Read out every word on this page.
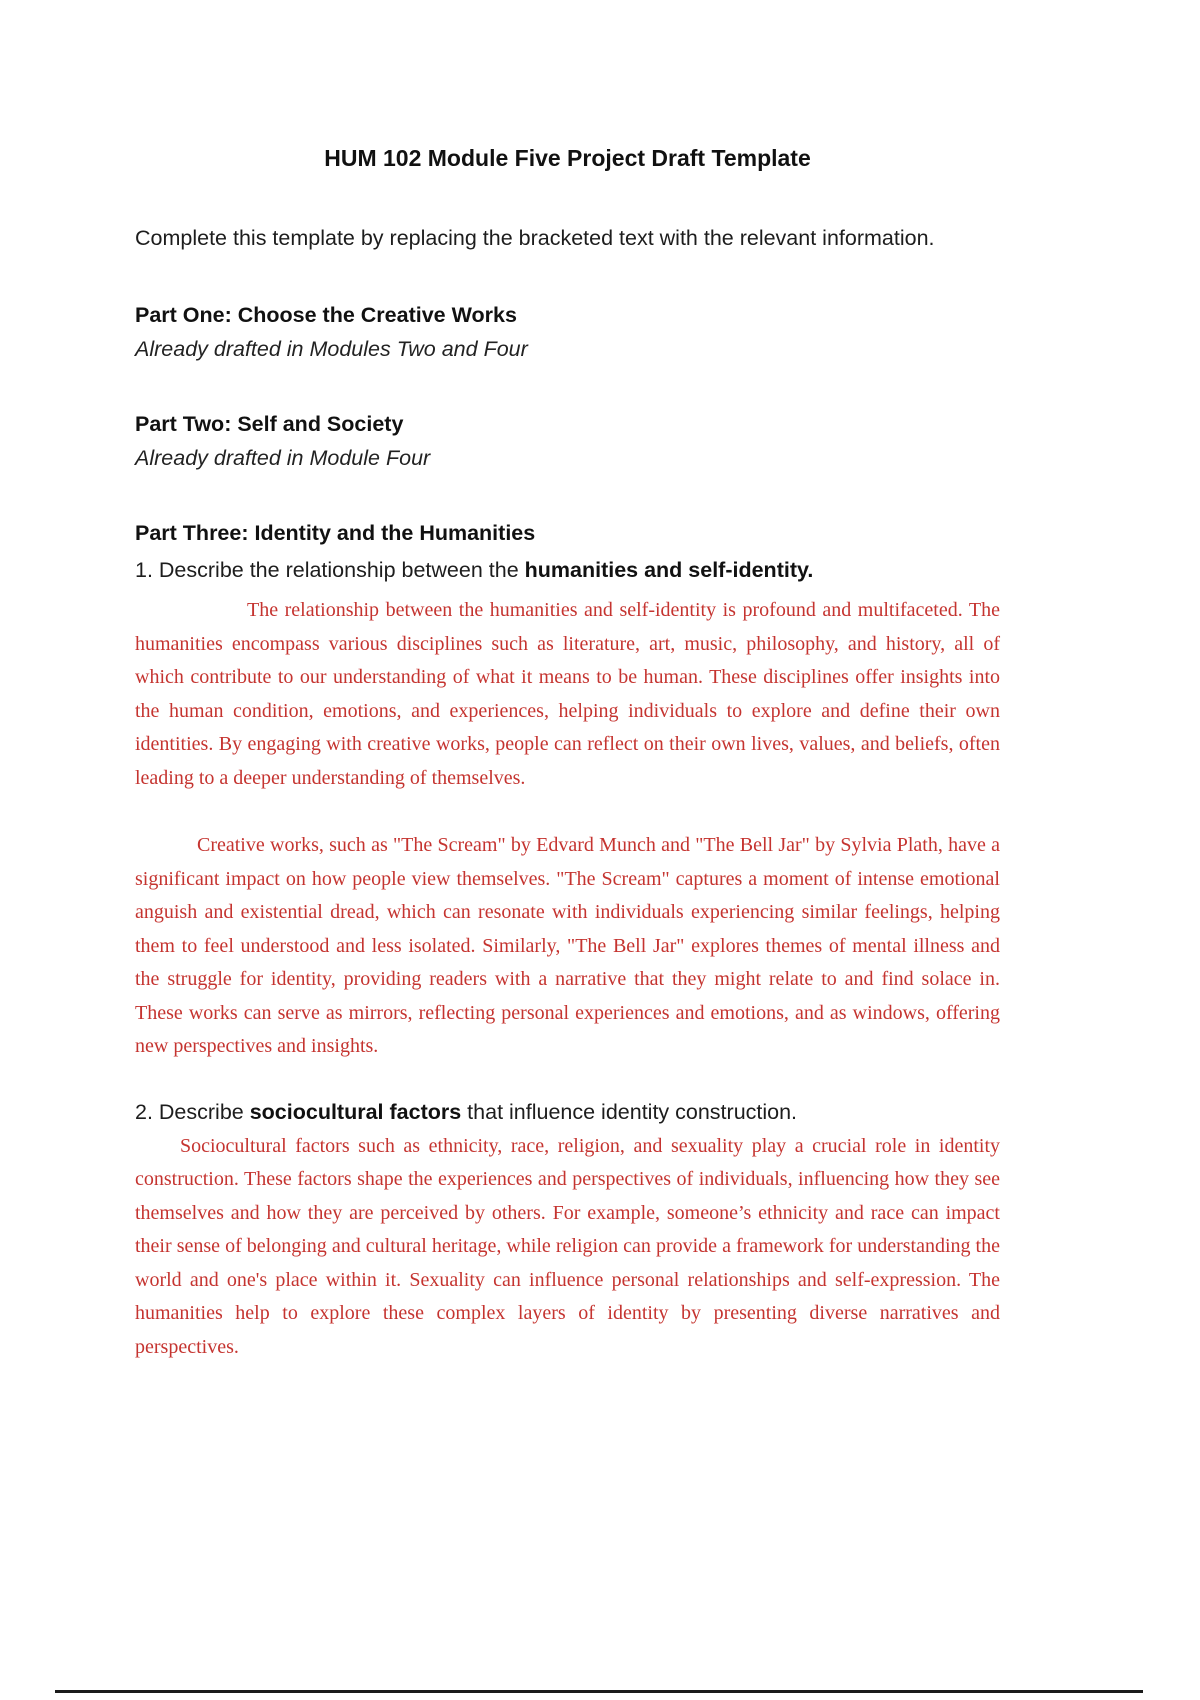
HUM 102 Module Five Project Draft Template

Complete this template by replacing the bracketed text with the relevant information.

Part One: Choose the Creative Works

Already drafted in Modules Two and Four

Part Two: Self and Society

Already drafted in Module Four

Part Three: Identity and the Humanities

1. Describe the relationship between the humanities and self-identity.

The relationship between the humanities and self-identity is profound and multifaceted. The humanities encompass various disciplines such as literature, art, music, philosophy, and history, all of which contribute to our understanding of what it means to be human. These disciplines offer insights into the human condition, emotions, and experiences, helping individuals to explore and define their own identities. By engaging with creative works, people can reflect on their own lives, values, and beliefs, often leading to a deeper understanding of themselves.

Creative works, such as "The Scream" by Edvard Munch and "The Bell Jar" by Sylvia Plath, have a significant impact on how people view themselves. "The Scream" captures a moment of intense emotional anguish and existential dread, which can resonate with individuals experiencing similar feelings, helping them to feel understood and less isolated. Similarly, "The Bell Jar" explores themes of mental illness and the struggle for identity, providing readers with a narrative that they might relate to and find solace in. These works can serve as mirrors, reflecting personal experiences and emotions, and as windows, offering new perspectives and insights.

2. Describe sociocultural factors that influence identity construction.

Sociocultural factors such as ethnicity, race, religion, and sexuality play a crucial role in identity construction. These factors shape the experiences and perspectives of individuals, influencing how they see themselves and how they are perceived by others. For example, someone’s ethnicity and race can impact their sense of belonging and cultural heritage, while religion can provide a framework for understanding the world and one's place within it. Sexuality can influence personal relationships and self-expression. The humanities help to explore these complex layers of identity by presenting diverse narratives and perspectives.
